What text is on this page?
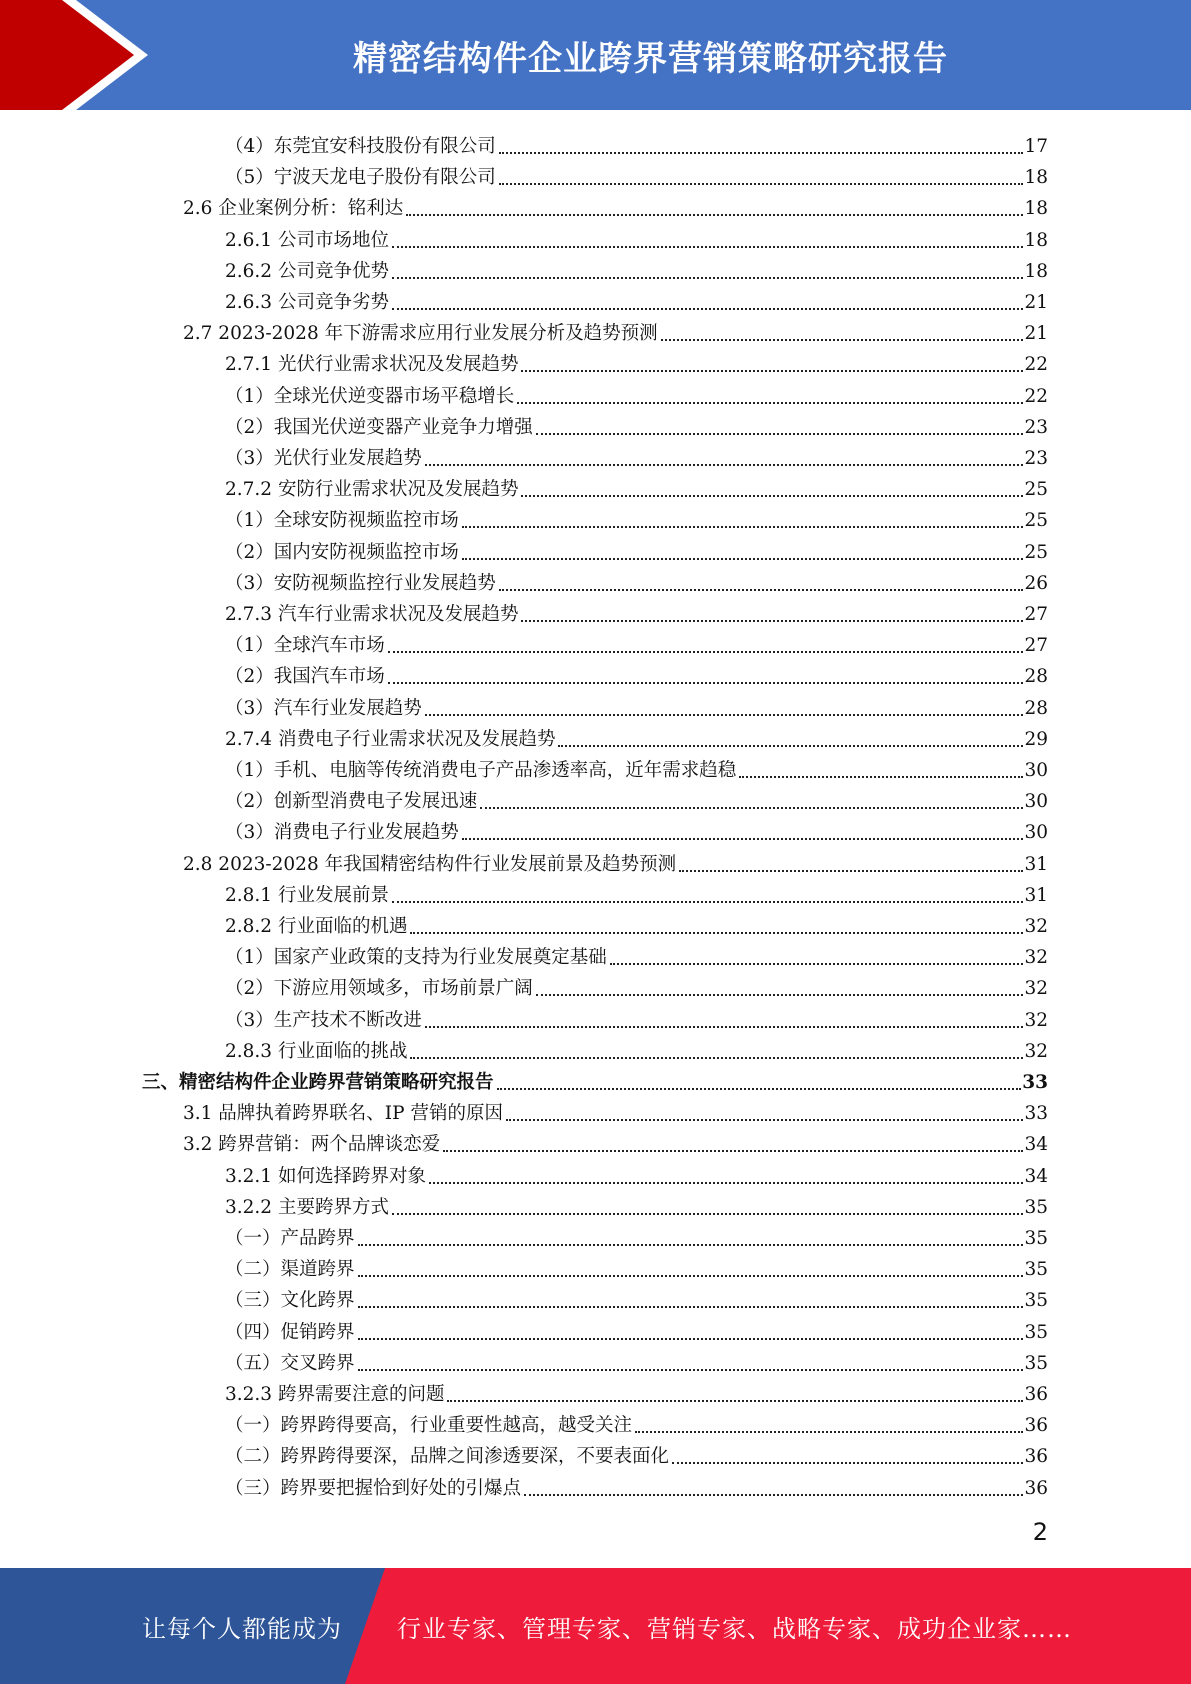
精密结构件企业跨界营销策略研究报告
（4）东莞宜安科技股份有限公司	17
（5）宁波天龙电子股份有限公司	18
2.6 企业案例分析：铭利达	18
2.6.1 公司市场地位	18
2.6.2 公司竞争优势	18
2.6.3 公司竞争劣势	21
2.7 2023-2028 年下游需求应用行业发展分析及趋势预测	21
2.7.1 光伏行业需求状况及发展趋势	22
（1）全球光伏逆变器市场平稳增长	22
（2）我国光伏逆变器产业竞争力增强	23
（3）光伏行业发展趋势	23
2.7.2 安防行业需求状况及发展趋势	25
（1）全球安防视频监控市场	25
（2）国内安防视频监控市场	25
（3）安防视频监控行业发展趋势	26
2.7.3 汽车行业需求状况及发展趋势	27
（1）全球汽车市场	27
（2）我国汽车市场	28
（3）汽车行业发展趋势	28
2.7.4 消费电子行业需求状况及发展趋势	29
（1）手机、电脑等传统消费电子产品渗透率高，近年需求趋稳	30
（2）创新型消费电子发展迅速	30
（3）消费电子行业发展趋势	30
2.8 2023-2028 年我国精密结构件行业发展前景及趋势预测	31
2.8.1 行业发展前景	31
2.8.2 行业面临的机遇	32
（1）国家产业政策的支持为行业发展奠定基础	32
（2）下游应用领域多，市场前景广阔	32
（3）生产技术不断改进	32
2.8.3 行业面临的挑战	32
三、精密结构件企业跨界营销策略研究报告	33
3.1 品牌执着跨界联名、IP 营销的原因	33
3.2 跨界营销：两个品牌谈恋爱	34
3.2.1 如何选择跨界对象	34
3.2.2 主要跨界方式	35
（一）产品跨界	35
（二）渠道跨界	35
（三）文化跨界	35
（四）促销跨界	35
（五）交叉跨界	35
3.2.3 跨界需要注意的问题	36
（一）跨界跨得要高，行业重要性越高，越受关注	36
（二）跨界跨得要深，品牌之间渗透要深，不要表面化	36
（三）跨界要把握恰到好处的引爆点	36
2
让每个人都能成为 行业专家、管理专家、营销专家、战略专家、成功企业家……
